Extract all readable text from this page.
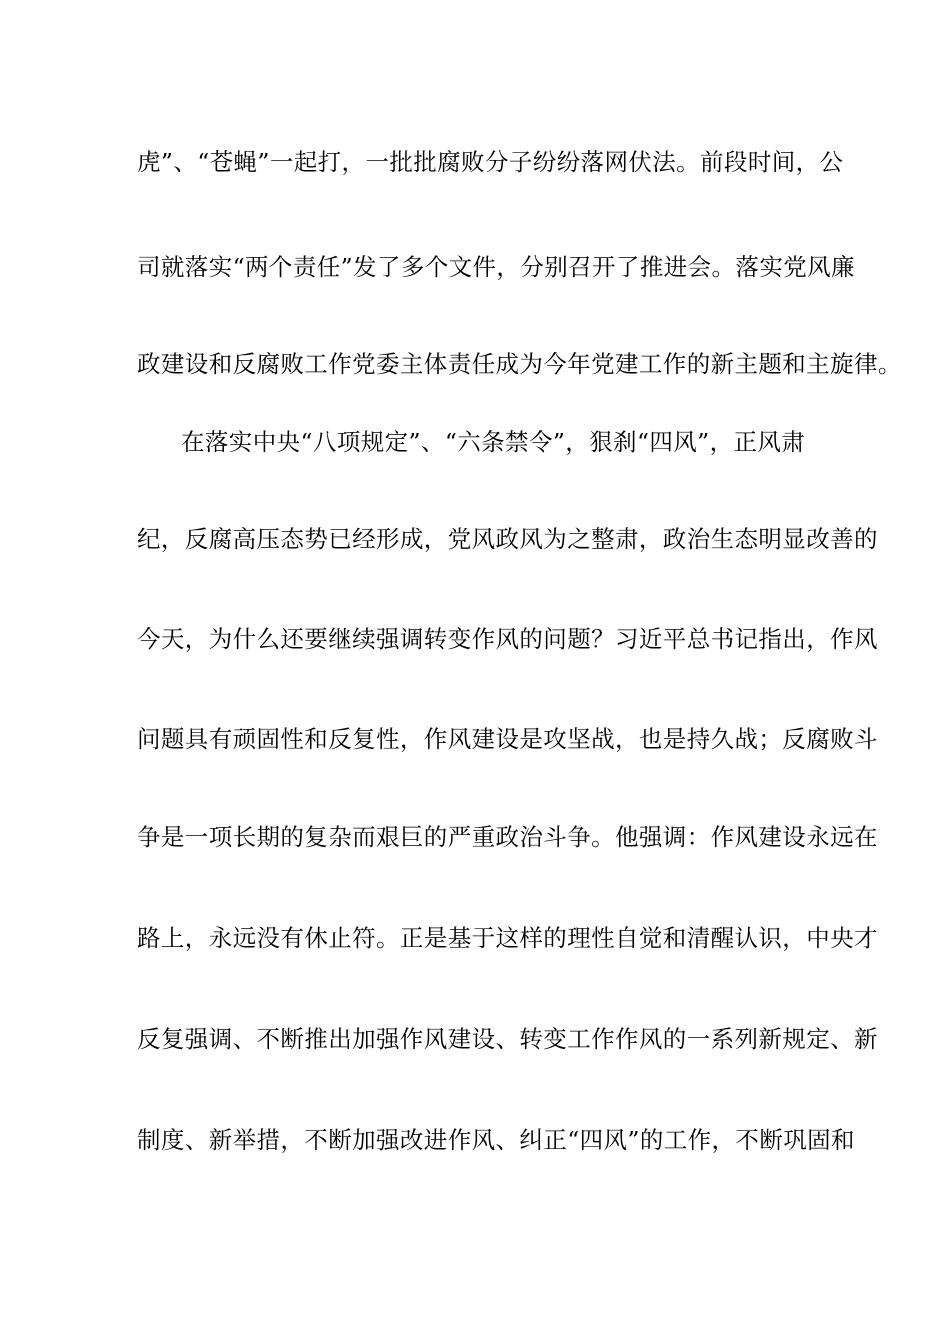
虎”、“苍蝇”一起打，一批批腐败分子纷纷落网伏法。前段时间，公
司就落实“两个责任”发了多个文件，分别召开了推进会。落实党风廉
政建设和反腐败工作党委主体责任成为今年党建工作的新主题和主旋律。
在落实中央“八项规定”、“六条禁令”，狠刹“四风”，正风肃
纪，反腐高压态势已经形成，党风政风为之整肃，政治生态明显改善的
今天，为什么还要继续强调转变作风的问题？习近平总书记指出，作风
问题具有顽固性和反复性，作风建设是攻坚战，也是持久战；反腐败斗
争是一项长期的复杂而艰巨的严重政治斗争。他强调：作风建设永远在
路上，永远没有休止符。正是基于这样的理性自觉和清醒认识，中央才
反复强调、不断推出加强作风建设、转变工作作风的一系列新规定、新
制度、新举措，不断加强改进作风、纠正“四风”的工作，不断巩固和
